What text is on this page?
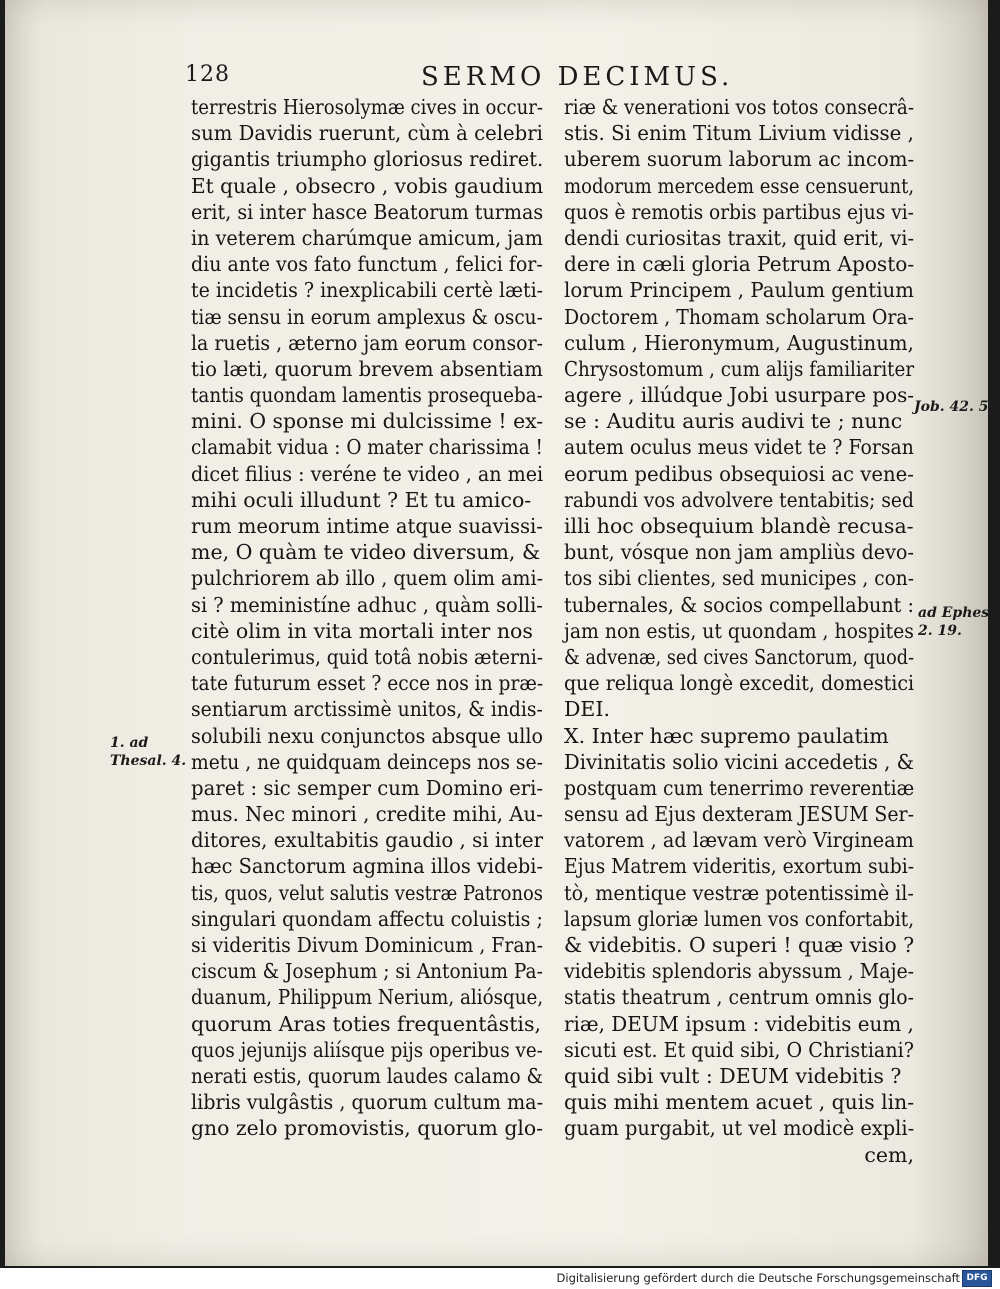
128	SERMO DECIMUS.
terrestris Hierosolymæ cives in occur-
sum Davidis ruerunt, cùm à celebri
gigantis triumpho gloriosus rediret.
Et quale , obsecro , vobis gaudium
erit, si inter hasce Beatorum turmas
in veterem charúmque amicum, jam
diu ante vos fato functum , felici for-
te incidetis ? inexplicabili certè læti-
tiæ sensu in eorum amplexus & oscu-
la ruetis , æterno jam eorum consor-
tio læti, quorum brevem absentiam
tantis quondam lamentis prosequeba-
mini. O sponse mi dulcissime ! ex-
clamabit vidua : O mater charissima !
dicet filius : veréne te video , an mei
mihi oculi illudunt ? Et tu amico-
rum meorum intime atque suavissi-
me, O quàm te video diversum, &
pulchriorem ab illo , quem olim ami-
si ? meministíne adhuc , quàm solli-
citè olim in vita mortali inter nos
contulerimus, quid totâ nobis æterni-
tate futurum esset ? ecce nos in præ-
sentiarum arctissimè unitos, & indis-
solubili nexu conjunctos absque ullo
metu , ne quidquam deinceps nos se-
paret : sic semper cum Domino eri-
mus. Nec minori , credite mihi, Au-
ditores, exultabitis gaudio , si inter
hæc Sanctorum agmina illos videbi-
tis, quos, velut salutis vestræ Patronos
singulari quondam affectu coluistis ;
si videritis Divum Dominicum , Fran-
ciscum & Josephum ; si Antonium Pa-
duanum, Philippum Nerium, aliósque,
quorum Aras toties frequentâstis,
quos jejunijs aliísque pijs operibus ve-
nerati estis, quorum laudes calamo &
libris vulgâstis , quorum cultum ma-
gno zelo promovistis, quorum glo-
riæ & venerationi vos totos consecrâ-
stis. Si enim Titum Livium vidisse ,
uberem suorum laborum ac incom-
modorum mercedem esse censuerunt,
quos è remotis orbis partibus ejus vi-
dendi curiositas traxit, quid erit, vi-
dere in cæli gloria Petrum Aposto-
lorum Principem , Paulum gentium
Doctorem , Thomam scholarum Ora-
culum , Hieronymum, Augustinum,
Chrysostomum , cum alijs familiariter
agere , illúdque Jobi usurpare pos-
se : Auditu auris audivi te ; nunc
autem oculus meus videt te ? Forsan
eorum pedibus obsequiosi ac vene-
rabundi vos advolvere tentabitis; sed
illi hoc obsequium blandè recusa-
bunt, vósque non jam ampliùs devo-
tos sibi clientes, sed municipes , con-
tubernales, & socios compellabunt :
jam non estis, ut quondam , hospites
& advenæ, sed cives Sanctorum, quod-
que reliqua longè excedit, domestici
DEI.
X. Inter hæc supremo paulatim
Divinitatis solio vicini accedetis , &
postquam cum tenerrimo reverentiæ
sensu ad Ejus dexteram JESUM Ser-
vatorem , ad lævam verò Virgineam
Ejus Matrem videritis, exortum subi-
tò, mentique vestræ potentissimè il-
lapsum gloriæ lumen vos confortabit,
& videbitis. O superi ! quæ visio ?
videbitis splendoris abyssum , Maje-
statis theatrum , centrum omnis glo-
riæ, DEUM ipsum : videbitis eum ,
sicuti est. Et quid sibi, O Christiani?
quid sibi vult : DEUM videbitis ?
quis mihi mentem acuet , quis lin-
guam purgabit, ut vel modicè expli-
cem,
Job. 42. 5.
ad Ephes.
2. 19.
1. ad
Thesal. 4.
Digitalisierung gefördert durch die Deutsche Forschungsgemeinschaft DFG
